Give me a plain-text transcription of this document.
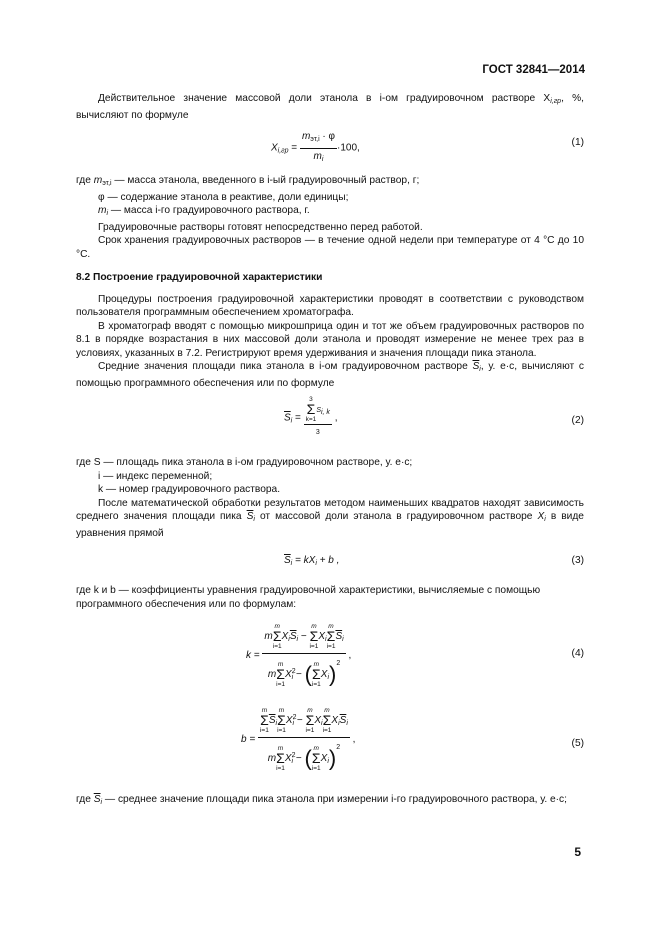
ГОСТ 32841—2014

Действительное значение массовой доли этанола в i-ом градуировочном растворе $X_{i,гр}$, %, вычисляют по формуле

$X_{i,гр} = \frac{m_{эт,i} \cdot \varphi}{m_i} \cdot 100$,
(1)

где $m_{эт,i}$ — масса этанола, введенного в i-ый градуировочный раствор, г;

φ — содержание этанола в реактиве, доли единицы;

$m_i$ — масса i-го градуировочного раствора, г.

Градуировочные растворы готовят непосредственно перед работой.

Срок хранения градуировочных растворов — в течение одной недели при температуре от 4 °С до 10 °С.

8.2 Построение градуировочной характеристики

Процедуры построения градуировочной характеристики проводят в соответствии с руководством пользователя программным обеспечением хроматографа.

В хроматограф вводят с помощью микрошприца один и тот же объем градуировочных растворов по 8.1 в порядке возрастания в них массовой доли этанола и проводят измерение не менее трех раз в условиях, указанных в 7.2. Регистрируют время удерживания и значения площади пика этанола.

Средние значения площади пика этанола в i-ом градуировочном растворе $\overline{S}_i$, у. е·с, вычисляют с помощью программного обеспечения или по формуле

$\overline{S}_i = 3$
Σ
k=1
$S_{i, k}$
3 ,	(2)

где S — площадь пика этанола в i-ом градуировочном растворе, у. е·с;

i — индекс переменной;

k — номер градуировочного раствора.

После математической обработки результатов методом наименьших квадратов находят зависимость среднего значения площади пика $\overline{S}_i$ от массовой доли этанола в градуировочном растворе $X_i$ в виде уравнения прямой

$\overline{S}_i = kX_i + b$ ,	(3)

где k и b — коэффициенты уравнения градуировочной характеристики, вычисляемые с помощью программного обеспечения или по формулам:

k = m
m
Σ
i=1
$X_i\overline{S}_i$ −
m
Σ
i=1
$X_i$
m
Σ
i=1
$\overline{S}_i$
m
m
Σ
i=1
$X^2_i$ − ( m
Σ
i=1
$X_i)^2$ ,	(4)
b = m
Σ
i=1
$\overline{S}_i$
m
Σ
i=1
$X^2_i$ −
m
Σ
i=1
$X_i$
m
Σ
i=1
$X_i\overline{S}_i$
m
m
Σ
i=1
$X^2_i$ − ( m
Σ
i=1
$X_i)^2$ ,	(5)

где $\overline{S}_i$ — среднее значение площади пика этанола при измерении i-го градуировочного раствора, у. е·с;

5
